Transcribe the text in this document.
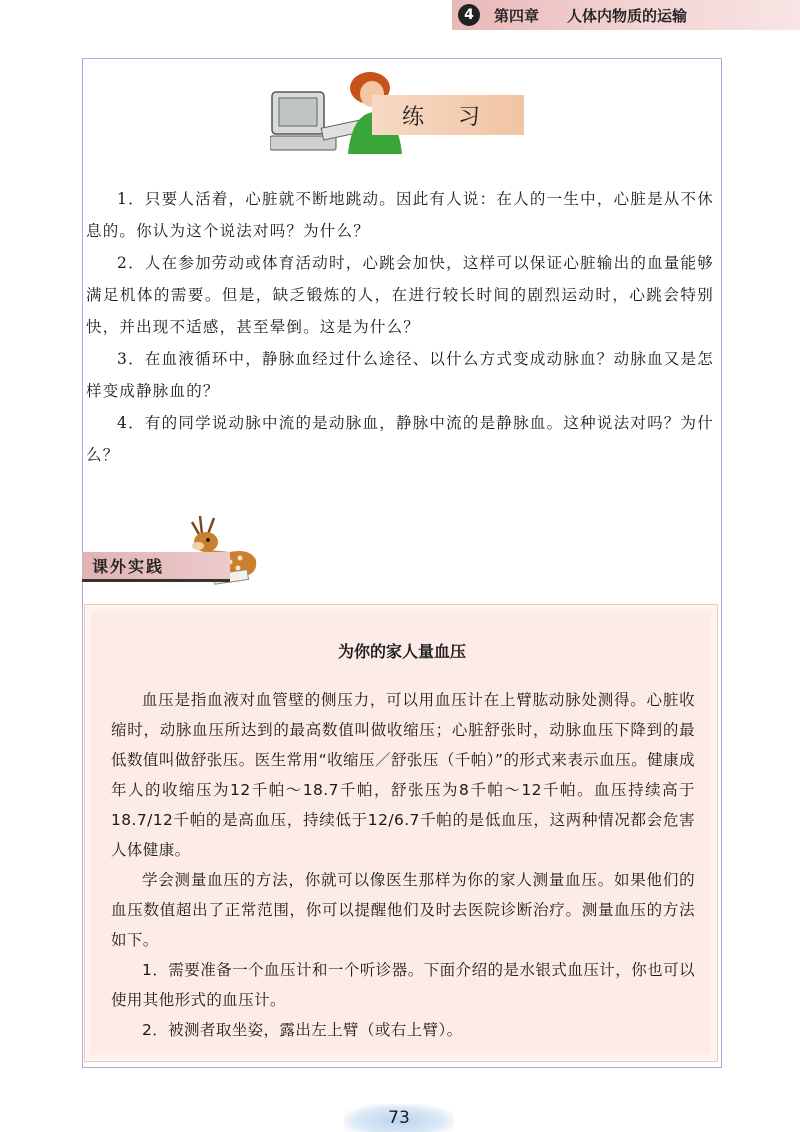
4	第四章 人体内物质的运输
练习

1．只要人活着，心脏就不断地跳动。因此有人说：在人的一生中，心脏是从不休息的。你认为这个说法对吗？为什么？

2．人在参加劳动或体育活动时，心跳会加快，这样可以保证心脏输出的血量能够满足机体的需要。但是，缺乏锻炼的人，在进行较长时间的剧烈运动时，心跳会特别快，并出现不适感，甚至晕倒。这是为什么？

3．在血液循环中，静脉血经过什么途径、以什么方式变成动脉血？动脉血又是怎样变成静脉血的？

4．有的同学说动脉中流的是动脉血，静脉中流的是静脉血。这种说法对吗？为什么？

课外实践
为你的家人量血压

血压是指血液对血管壁的侧压力，可以用血压计在上臂肱动脉处测得。心脏收缩时，动脉血压所达到的最高数值叫做收缩压；心脏舒张时，动脉血压下降到的最低数值叫做舒张压。医生常用“收缩压／舒张压（千帕）”的形式来表示血压。健康成年人的收缩压为12千帕～18.7千帕，舒张压为8千帕～12千帕。血压持续高于18.7/12千帕的是高血压，持续低于12/6.7千帕的是低血压，这两种情况都会危害人体健康。

学会测量血压的方法，你就可以像医生那样为你的家人测量血压。如果他们的血压数值超出了正常范围，你可以提醒他们及时去医院诊断治疗。测量血压的方法如下。

1．需要准备一个血压计和一个听诊器。下面介绍的是水银式血压计，你也可以使用其他形式的血压计。

2．被测者取坐姿，露出左上臂（或右上臂）。

73
